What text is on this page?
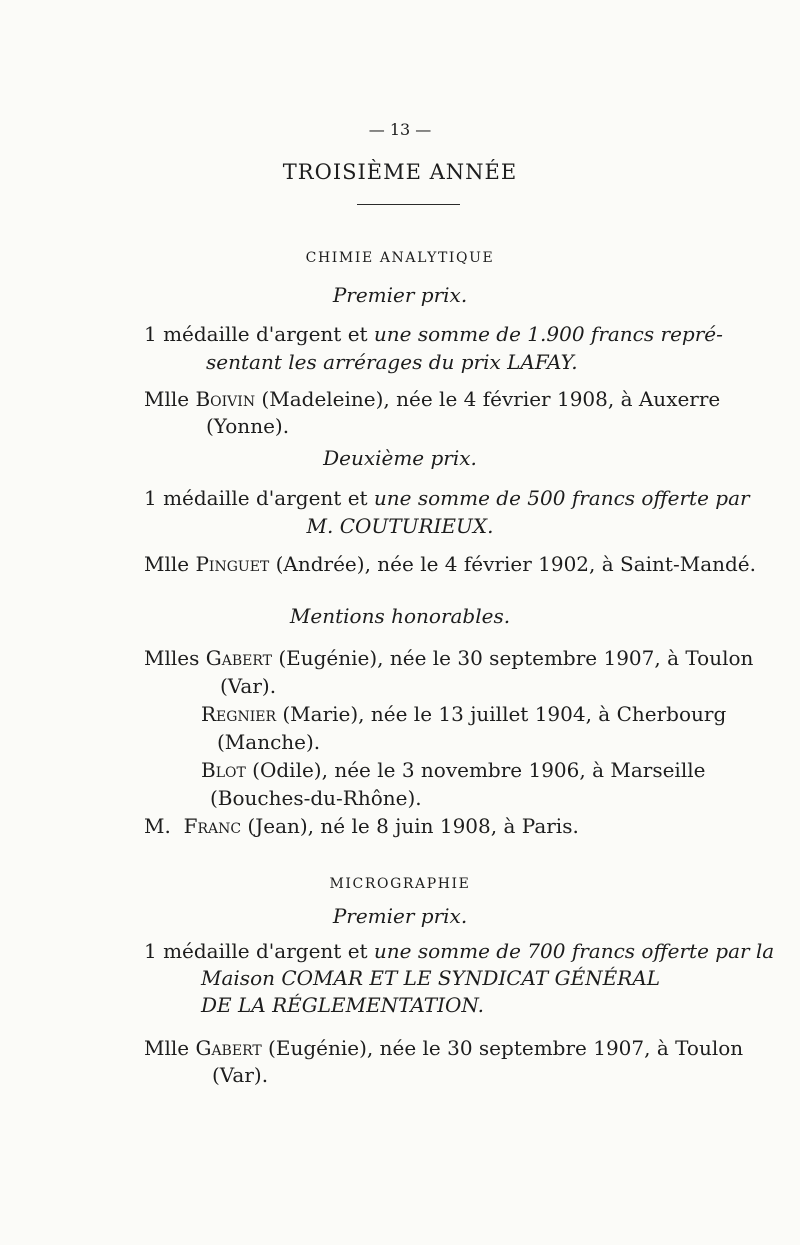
— 13 —
TROISIÈME ANNÉE
CHIMIE ANALYTIQUE
Premier prix.
1 médaille d'argent et une somme de 1.900 francs repré-
sentant les arrérages du prix LAFAY.
Mlle Boivin (Madeleine), née le 4 février 1908, à Auxerre
(Yonne).
Deuxième prix.
1 médaille d'argent et une somme de 500 francs offerte par
M. COUTURIEUX.
Mlle Pinguet (Andrée), née le 4 février 1902, à Saint-Mandé.
Mentions honorables.
Mlles Gabert (Eugénie), née le 30 septembre 1907, à Toulon
(Var).
Regnier (Marie), née le 13 juillet 1904, à Cherbourg
(Manche).
Blot (Odile), née le 3 novembre 1906, à Marseille
(Bouches-du-Rhône).
M.  Franc (Jean), né le 8 juin 1908, à Paris.
MICROGRAPHIE
Premier prix.
1 médaille d'argent et une somme de 700 francs offerte par la
Maison COMAR ET LE SYNDICAT GÉNÉRAL
DE LA RÉGLEMENTATION.
Mlle Gabert (Eugénie), née le 30 septembre 1907, à Toulon
(Var).
